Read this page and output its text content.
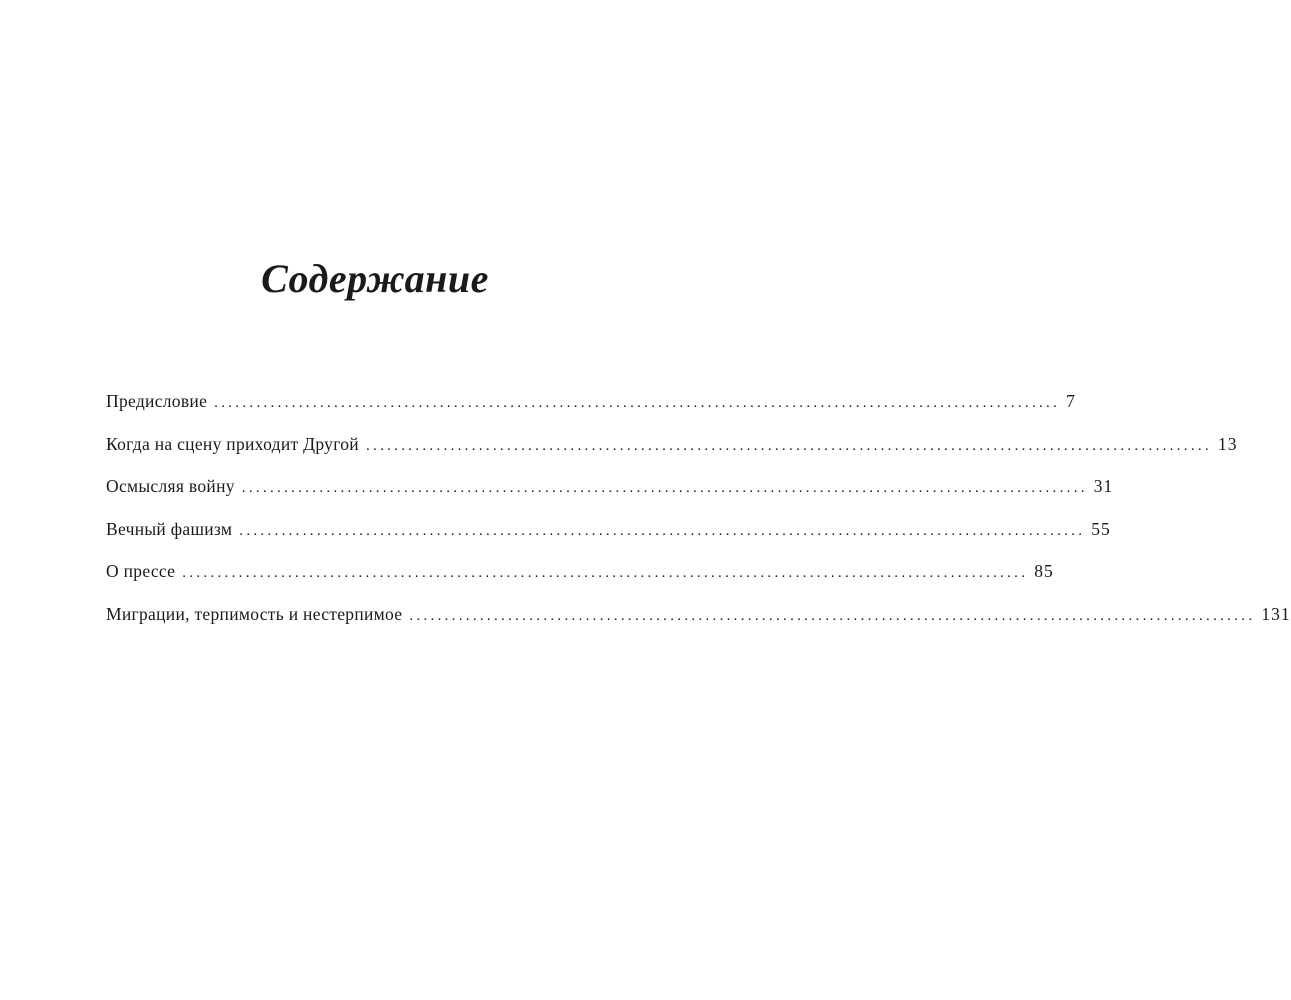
Содержание
Предисловие ........................................................................................................................ 7
Когда на сцену приходит Другой ........................................................................................................................ 13
Осмысляя войну ........................................................................................................................ 31
Вечный фашизм ........................................................................................................................ 55
О прессе ........................................................................................................................ 85
Миграции, терпимость и нестерпимое ........................................................................................................................ 131
